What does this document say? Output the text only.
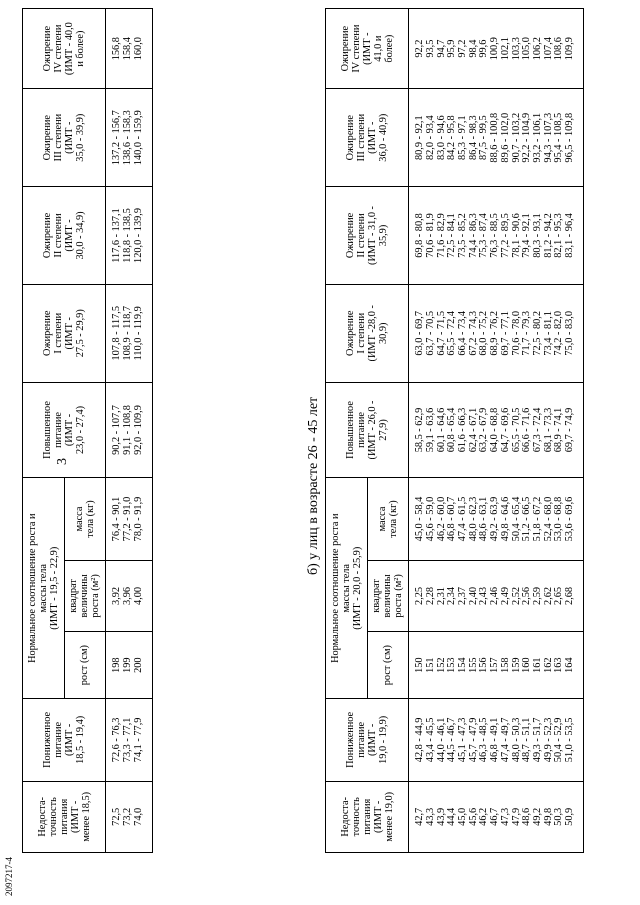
3
Недоста-
точность
питания
(ИМТ -
менее 18,5)	Пониженное
питание
(ИМТ -
18,5 - 19,4)	Нормальное соотношение роста и
массы тела
(ИМТ - 19,5 - 22,9)			Повышенное
питание
(ИМТ -
23,0 - 27,4)	Ожирение
I степени
(ИМТ -
27,5 - 29,9)	Ожирение
II степени
(ИМТ -
30,0 - 34,9)	Ожирение
III степени
(ИМТ -
35,0 - 39,9)	Ожирение
IV степени
(ИМТ - 40,0
и более)
		рост (см)	квадрат
величины
роста (м²)	масса
тела (кг)					
72,5	72,6 - 76,3	198	3,92	76,4 - 90,1	90,2 - 107,7	107,8 - 117,5	117,6 - 137,1	137,2 - 156,7	156,8
73,2	73,3 - 77,1	199	3,96	77,2 - 91,0	91,1 - 108,8	108,9 - 118,7	118,8 - 138,5	138,6 - 158,3	158,4
74,0	74,1 - 77,9	200	4,00	78,0 - 91,9	92,0 - 109,9	110,0 - 119,9	120,0 - 139,9	140,0 - 159,9	160,0
б) у лиц в возрасте 26 - 45 лет
Недоста-
точность
питания
(ИМТ -
менее 19,0)	Пониженное
питание
(ИМТ -
19,0 - 19,9)	Нормальное соотношение роста и
массы тела
(ИМТ - 20,0 - 25,9)			Повышенное
питание
(ИМТ - 26,0 -
27,9)	Ожирение
I степени
(ИМТ -28,0 -
30,9)	Ожирение
II степени
(ИМТ - 31,0 -
35,9)	Ожирение
III степени
(ИМТ -
36,0 - 40,9)	Ожирение
IV степени
(ИМТ -
41,0 и
более)
		рост (см)	квадрат
величины
роста (м²)	масса
тела (кг)					
42,7	42,8 - 44,9	150	2,25	45,0 - 58,4	58,5 - 62,9	63,0 - 69,7	69,8 - 80,8	80,9 - 92,1	92,2
43,3	43,4 - 45,5	151	2,28	45,6 - 59,0	59,1 - 63,6	63,7 - 70,5	70,6 - 81,9	82,0 - 93,4	93,5
43,9	44,0 - 46,1	152	2,31	46,2 - 60,0	60,1 - 64,6	64,7 - 71,5	71,6 - 82,9	83,0 - 94,6	94,7
44,4	44,5 - 46,7	153	2,34	46,8 - 60,7	60,8 - 65,4	65,5 - 72,4	72,5 - 84,1	84,2 - 95,8	95,9
45,0	45,1 - 47,3	154	2,37	47,4 - 61,5	61,6 - 66,3	66,4 - 73,4	73,5 - 85,2	85,3 - 97,1	97,2
45,6	45,7 - 47,9	155	2,40	48,0 - 62,3	62,4 - 67,1	67,2 - 74,3	74,4 - 86,3	86,4 - 98,3	98,4
46,2	46,3 - 48,5	156	2,43	48,6 - 63,1	63,2 - 67,9	68,0 - 75,2	75,3 - 87,4	87,5 - 99,5	99,6
46,7	46,8 - 49,1	157	2,46	49,2 - 63,9	64,0 - 68,8	68,9 - 76,2	76,3 - 88,5	88,6 - 100,8	100,9
47,3	47,4 - 49,7	158	2,49	49,8 - 64,6	64,7 - 69,6	69,7 - 77,1	77,2 - 89,5	89,6 - 102,0	102,1
47,9	48,0 - 50,3	159	2,52	50,4 - 65,4	65,5 - 70,5	70,6 - 78,0	78,1 - 90,6	90,7 - 103,2	103,3
48,6	48,7 - 51,1	160	2,56	51,2 - 66,5	66,6 - 71,6	71,7 - 79,3	79,4 - 92,1	92,2 - 104,9	105,0
49,2	49,3 - 51,7	161	2,59	51,8 - 67,2	67,3 - 72,4	72,5 - 80,2	80,3 - 93,1	93,2 - 106,1	106,2
49,8	49,9 - 52,3	162	2,62	52,4 - 68,0	68,1 - 73,3	73,4 - 81,1	81,2 - 94,2	94,3 - 107,3	107,4
50,3	50,4 - 52,9	163	2,65	53,0 - 68,8	68,9 - 74,1	74,2 - 82,0	82,1 - 95,3	95,4 - 108,5	108,6
50,9	51,0 - 53,5	164	2,68	53,6 - 69,6	69,7 - 74,9	75,0 - 83,0	83,1 - 96,4	96,5 - 109,8	109,9
2097217-4
